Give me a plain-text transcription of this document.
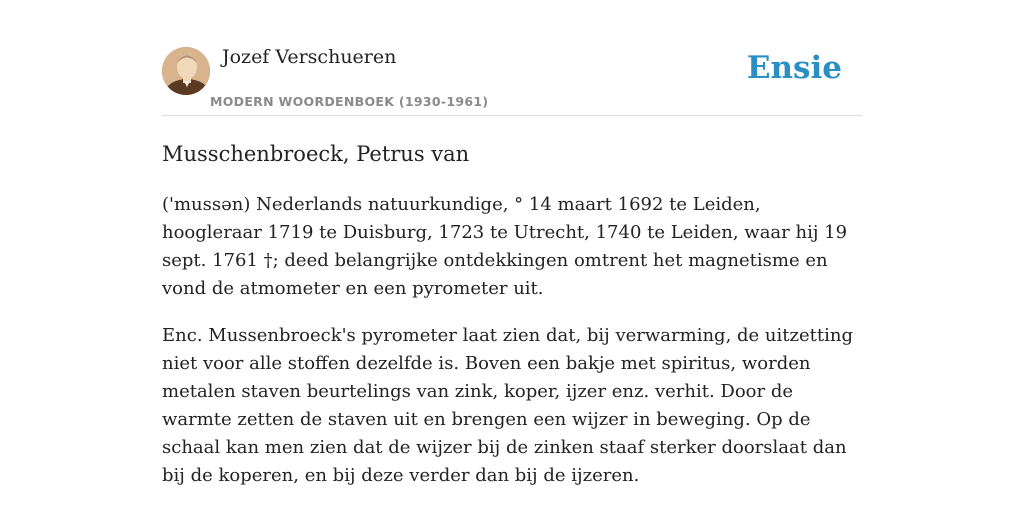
Jozef Verschueren
MODERN WOORDENBOEK (1930-1961)
Ensie
Musschenbroeck, Petrus van

('mussən) Nederlands natuurkundige, ° 14 maart 1692 te Leiden, hoogleraar 1719 te Duisburg, 1723 te Utrecht, 1740 te Leiden, waar hij 19 sept. 1761 †; deed belangrijke ontdekkingen omtrent het magnetisme en vond de atmometer en een pyrometer uit.

Enc. Mussenbroeck's pyrometer laat zien dat, bij verwarming, de uitzetting niet voor alle stoffen dezelfde is. Boven een bakje met spiritus, worden metalen staven beurtelings van zink, koper, ijzer enz. verhit. Door de warmte zetten de staven uit en brengen een wijzer in beweging. Op de schaal kan men zien dat de wijzer bij de zinken staaf sterker doorslaat dan bij de koperen, en bij deze verder dan bij de ijzeren.
